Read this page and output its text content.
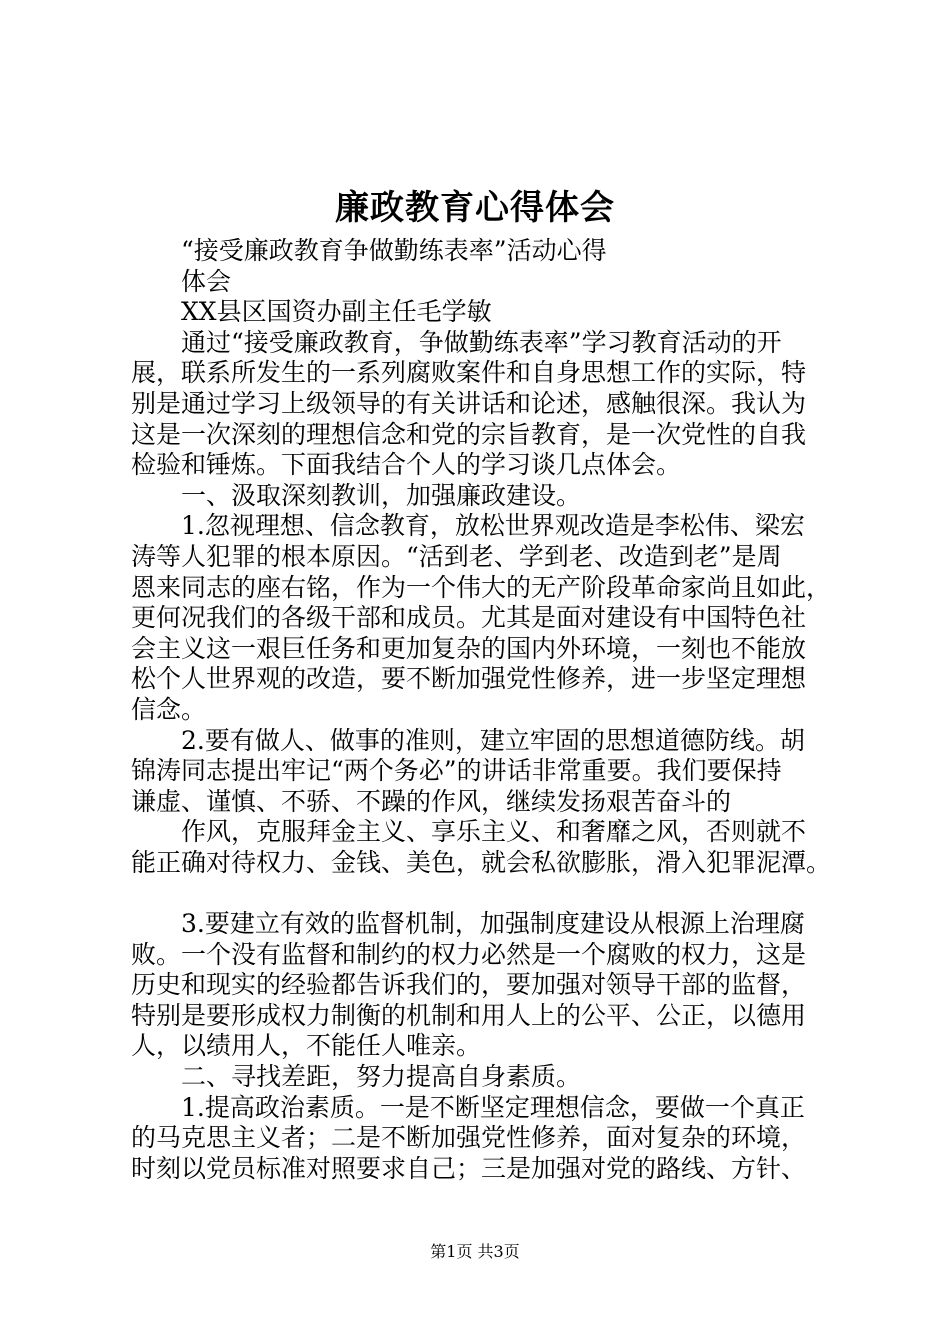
廉政教育心得体会
“接受廉政教育争做勤练表率”活动心得
体会
XX县区国资办副主任毛学敏
通过“接受廉政教育，争做勤练表率”学习教育活动的开
展，联系所发生的一系列腐败案件和自身思想工作的实际，特
别是通过学习上级领导的有关讲话和论述，感触很深。我认为
这是一次深刻的理想信念和党的宗旨教育，是一次党性的自我
检验和锤炼。下面我结合个人的学习谈几点体会。
一、汲取深刻教训，加强廉政建设。
1.忽视理想、信念教育，放松世界观改造是李松伟、梁宏
涛等人犯罪的根本原因。“活到老、学到老、改造到老”是周
恩来同志的座右铭，作为一个伟大的无产阶段革命家尚且如此，
更何况我们的各级干部和成员。尤其是面对建设有中国特色社
会主义这一艰巨任务和更加复杂的国内外环境，一刻也不能放
松个人世界观的改造，要不断加强党性修养，进一步坚定理想
信念。
2.要有做人、做事的准则，建立牢固的思想道德防线。胡
锦涛同志提出牢记“两个务必”的讲话非常重要。我们要保持
谦虚、谨慎、不骄、不躁的作风，继续发扬艰苦奋斗的
作风，克服拜金主义、享乐主义、和奢靡之风，否则就不
能正确对待权力、金钱、美色，就会私欲膨胀，滑入犯罪泥潭。
3.要建立有效的监督机制，加强制度建设从根源上治理腐
败。一个没有监督和制约的权力必然是一个腐败的权力，这是
历史和现实的经验都告诉我们的，要加强对领导干部的监督，
特别是要形成权力制衡的机制和用人上的公平、公正，以德用
人，以绩用人，不能任人唯亲。
二、寻找差距，努力提高自身素质。
1.提高政治素质。一是不断坚定理想信念，要做一个真正
的马克思主义者；二是不断加强党性修养，面对复杂的环境，
时刻以党员标准对照要求自己；三是加强对党的路线、方针、
第1页 共3页
